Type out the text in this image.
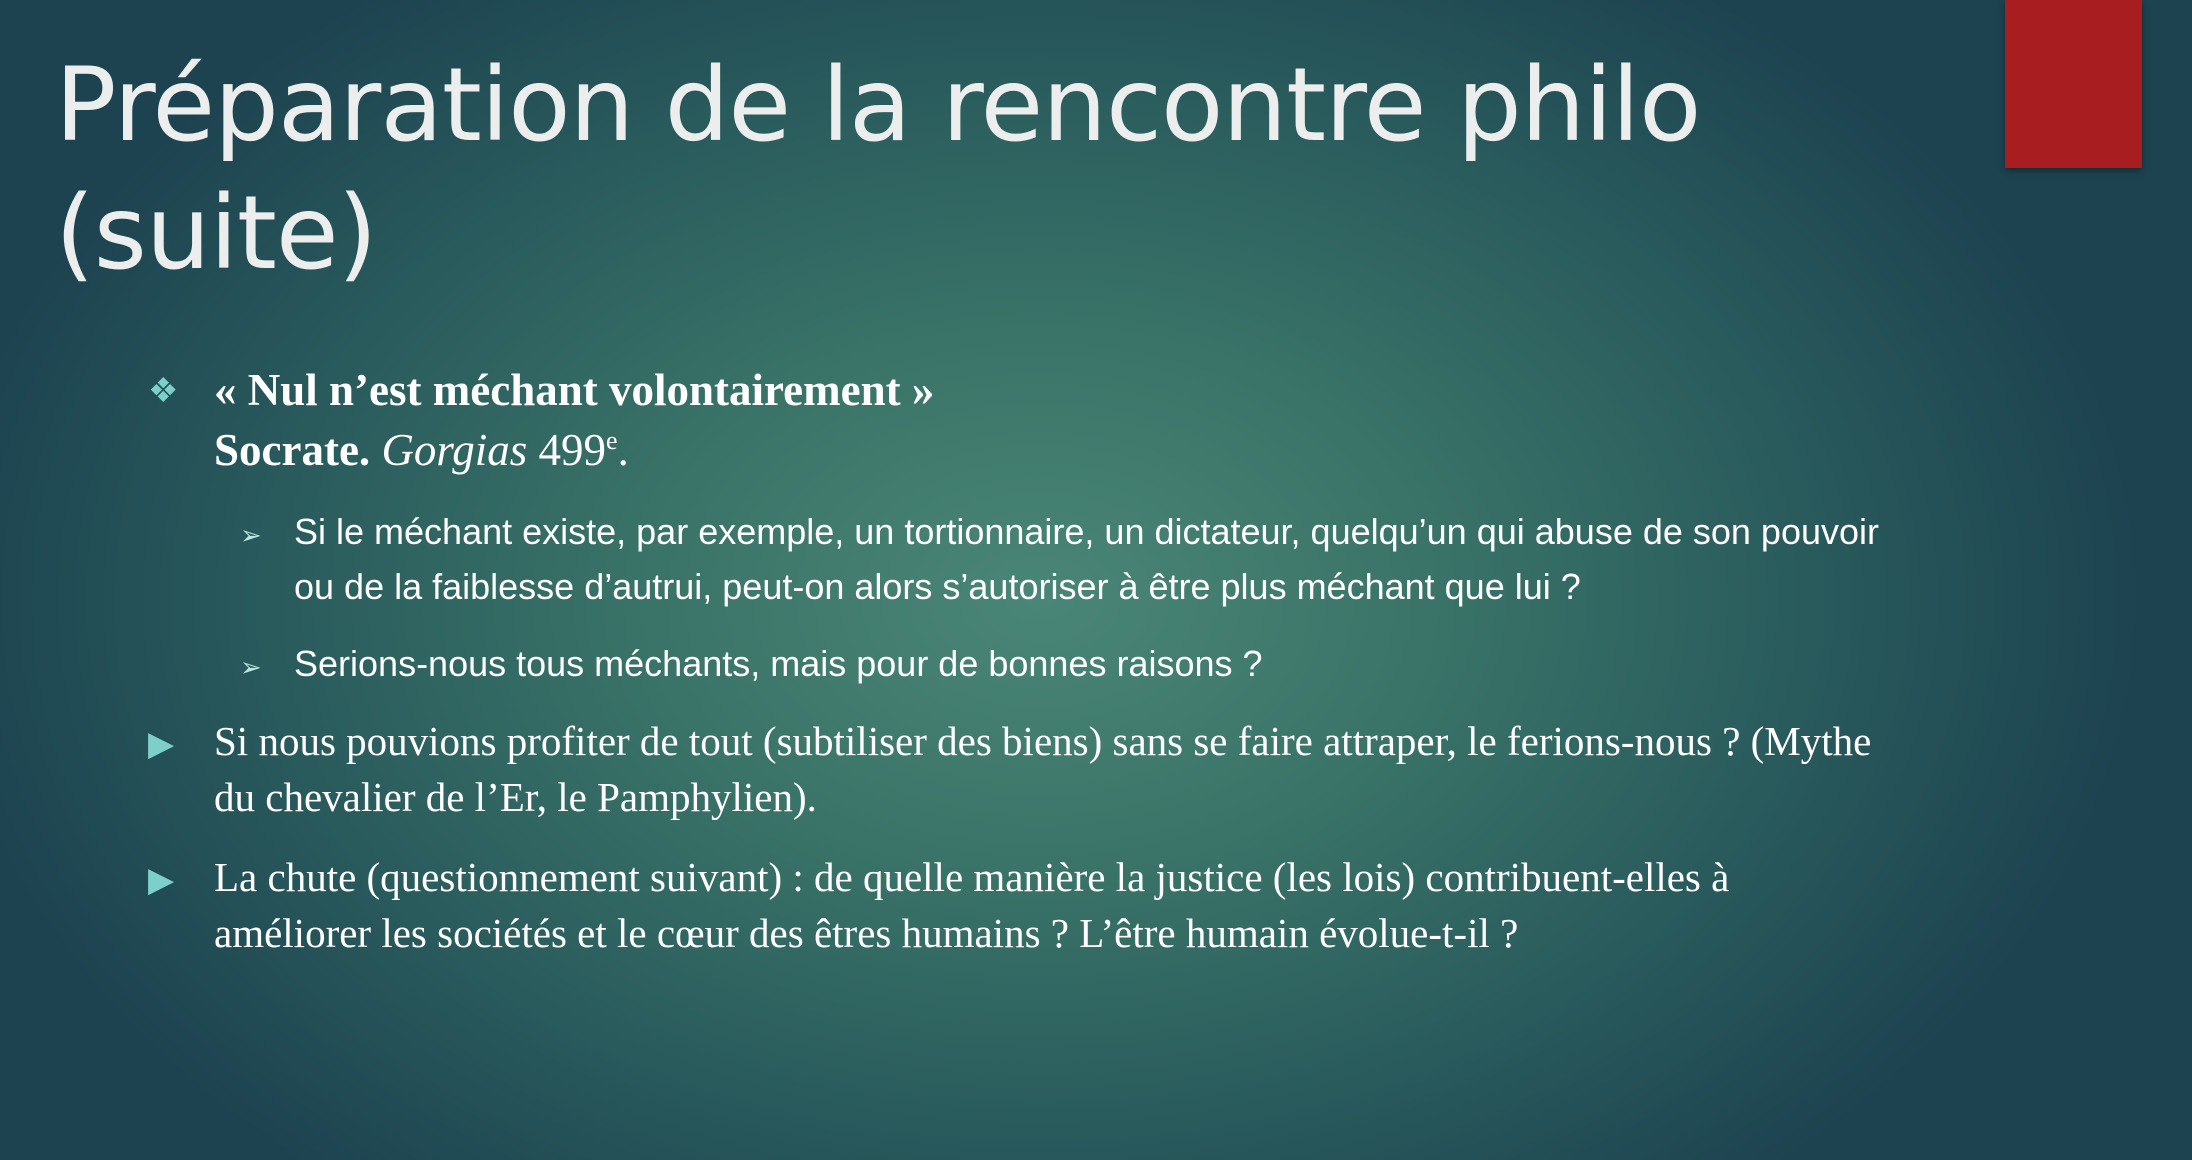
Préparation de la rencontre philo
(suite)
❖ « Nul n’est méchant volontairement »
Socrate. Gorgias 499e.
➢ Si le méchant existe, par exemple, un tortionnaire, un dictateur, quelqu’un qui abuse de son pouvoir ou de la faiblesse d’autrui, peut-on alors s’autoriser à être plus méchant que lui ?
➢ Serions-nous tous méchants, mais pour de bonnes raisons ?
▶ Si nous pouvions profiter de tout (subtiliser des biens) sans se faire attraper, le ferions-nous ? (Mythe du chevalier de l’Er, le Pamphylien).
▶ La chute (questionnement suivant) : de quelle manière la justice (les lois) contribuent-elles à améliorer les sociétés et le cœur des êtres humains ? L’être humain évolue-t-il ?
